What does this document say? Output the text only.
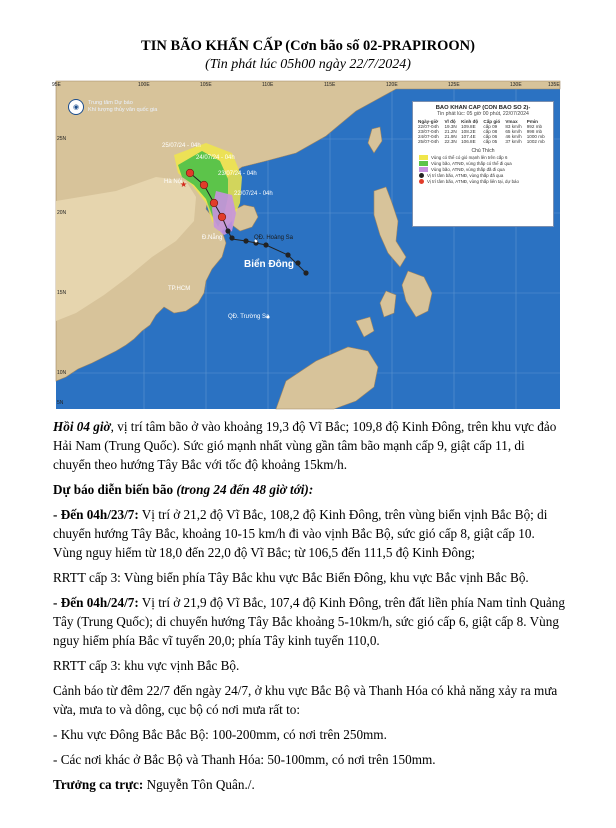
TIN BÃO KHẨN CẤP (Cơn bão số 02-PRAPIROON)
(Tin phát lúc 05h00 ngày 22/7/2024)
★
◉	Trung tâm Dự báo
Khí tượng thủy văn quốc gia
25/07/24 - 04h
24/07/24 - 04h
23/07/24 - 04h
22/07/24 - 04h
Hà Nội
Đ.Nẵng	QĐ. Hoàng Sa
TP.HCM
QĐ. Trường Sa
Biển Đông
BAO KHAN CAP (CON BAO SO 2)-
Tin phát lúc: 05 giờ 00 phút, 22/07/2024
Ngày-giờ	Vĩ độ	Kinh độ	Cấp gió	Vmax	Pmin
22/07-04h	19.3N	109.8E	cấp 09	83 km/h	992 mb
23/07-04h	21.2N	108.2E	cấp 08	65 km/h	998 mb
24/07-04h	21.9N	107.4E	cấp 06	46 km/h	1000 mb
25/07-04h	22.3N	106.8E	cấp 05	37 km/h	1002 mb
Chú Thích
Vùng có thể có gió mạnh lên trên cấp 6
Vùng bão, ATNĐ, vùng thấp có thể đi qua
Vùng bão, ATNĐ, vùng thấp đã đi qua
Vị trí tâm bão, ATNĐ, vùng thấp đã qua
Vị trí tâm bão, ATNĐ, vùng thấp liên tại, dự báo
95E	100E	105E	110E	115E	120E	125E	130E	135E
25N
20N
15N
10N
5N

Hồi 04 giờ, vị trí tâm bão ở vào khoảng 19,3 độ Vĩ Bắc; 109,8 độ Kinh Đông, trên khu vực đảo Hải Nam (Trung Quốc). Sức gió mạnh nhất vùng gần tâm bão mạnh cấp 9, giật cấp 11, di chuyển theo hướng Tây Bắc với tốc độ khoảng 15km/h.

Dự báo diễn biến bão (trong 24 đến 48 giờ tới):

- Đến 04h/23/7: Vị trí ở 21,2 độ Vĩ Bắc, 108,2 độ Kinh Đông, trên vùng biển vịnh Bắc Bộ; di chuyển hướng Tây Bắc, khoảng 10-15 km/h đi vào vịnh Bắc Bộ, sức gió cấp 8, giật cấp 10. Vùng nguy hiểm từ 18,0 đến 22,0 độ Vĩ Bắc; từ 106,5 đến 111,5 độ Kinh Đông;

RRTT cấp 3: Vùng biển phía Tây Bắc khu vực Bắc Biển Đông, khu vực Bắc vịnh Bắc Bộ.

- Đến 04h/24/7: Vị trí ở 21,9 độ Vĩ Bắc, 107,4 độ Kinh Đông, trên đất liền phía Nam tỉnh Quảng Tây (Trung Quốc); di chuyển hướng Tây Bắc khoảng 5-10km/h, sức gió cấp 6, giật cấp 8. Vùng nguy hiểm phía Bắc vĩ tuyến 20,0; phía Tây kinh tuyến 110,0.

RRTT cấp 3: khu vực vịnh Bắc Bộ.

Cảnh báo từ đêm 22/7 đến ngày 24/7, ở khu vực Bắc Bộ và Thanh Hóa có khả năng xảy ra mưa vừa, mưa to và dông, cục bộ có nơi mưa rất to:

- Khu vực Đông Bắc Bắc Bộ: 100-200mm, có nơi trên 250mm.

- Các nơi khác ở Bắc Bộ và Thanh Hóa: 50-100mm, có nơi trên 150mm.

Trưởng ca trực: Nguyễn Tôn Quân./.
